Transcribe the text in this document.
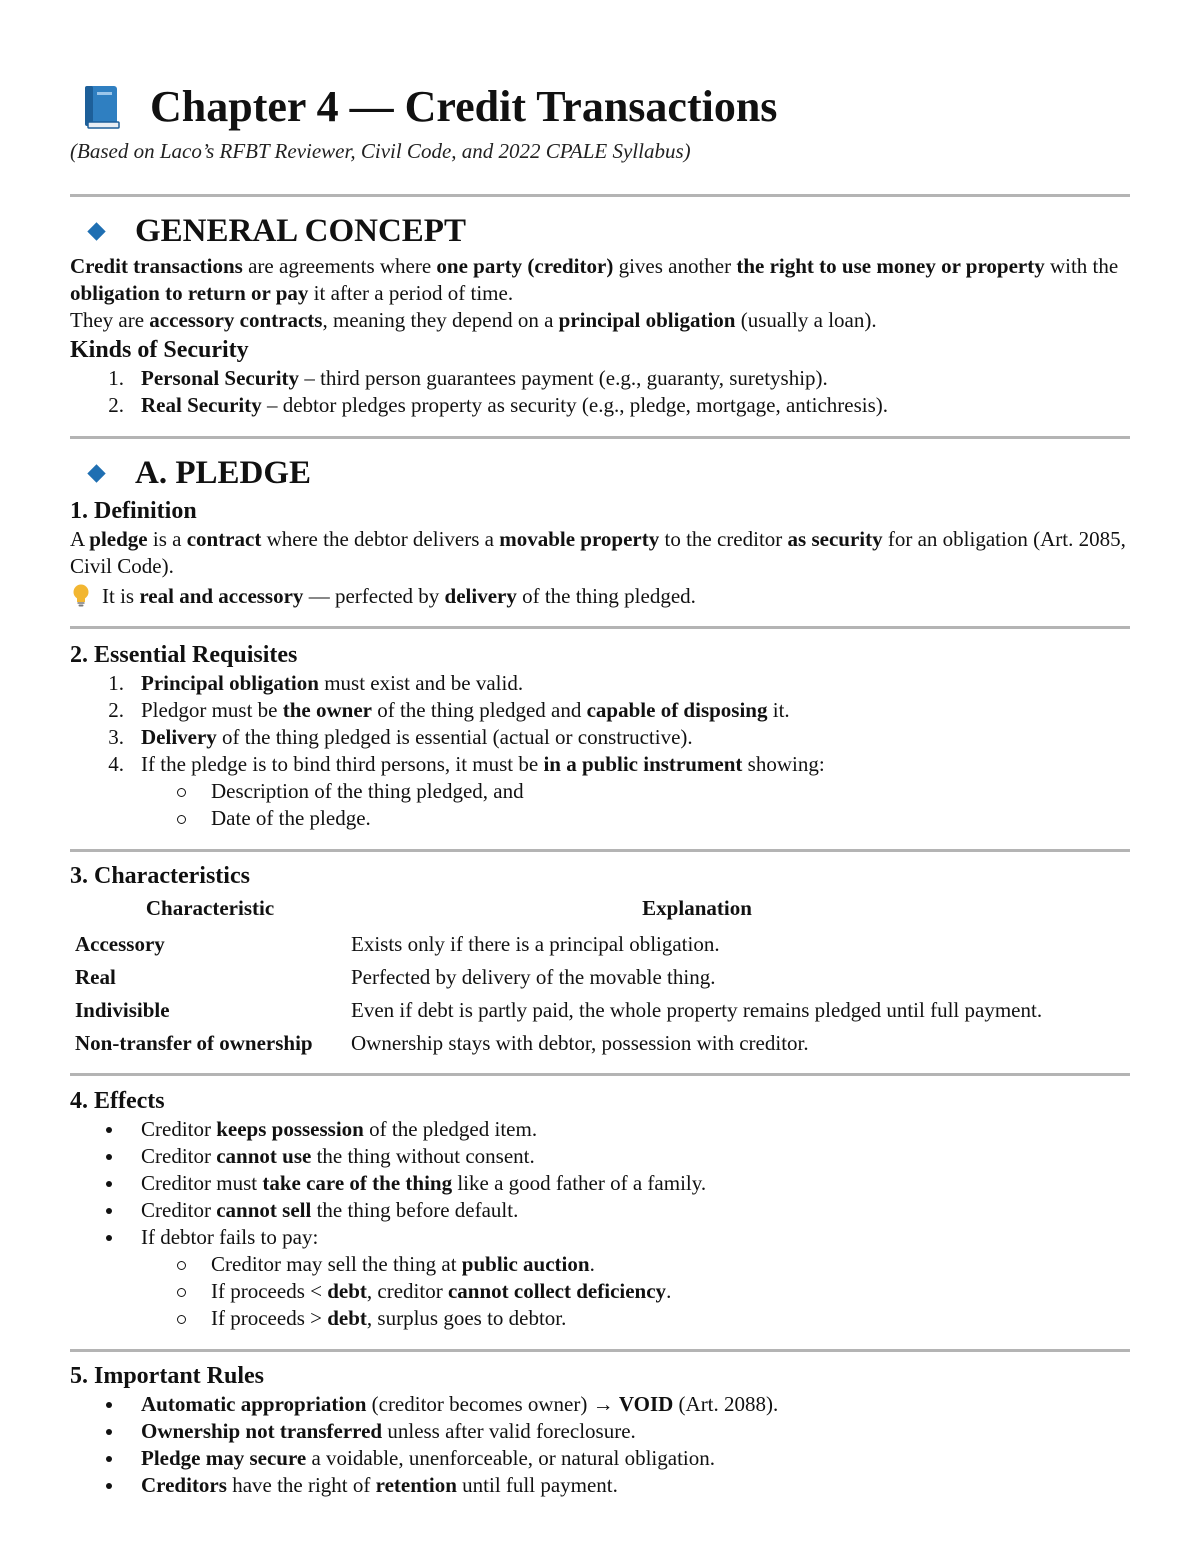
Chapter 4 — Credit Transactions

(Based on Laco’s RFBT Reviewer, Civil Code, and 2022 CPALE Syllabus)

GENERAL CONCEPT

Credit transactions are agreements where one party (creditor) gives another the right to use money or property with the obligation to return or pay it after a period of time.

They are accessory contracts, meaning they depend on a principal obligation (usually a loan).

Kinds of Security
1. Personal Security – third person guarantees payment (e.g., guaranty, suretyship).
2. Real Security – debtor pledges property as security (e.g., pledge, mortgage, antichresis).
A. PLEDGE
1. Definition

A pledge is a contract where the debtor delivers a movable property to the creditor as security for an obligation (Art. 2085, Civil Code).

It is real and accessory — perfected by delivery of the thing pledged.

2. Essential Requisites
1. Principal obligation must exist and be valid.
2. Pledgor must be the owner of the thing pledged and capable of disposing it.
3. Delivery of the thing pledged is essential (actual or constructive).
4. If the pledge is to bind third persons, it must be in a public instrument showing:
Description of the thing pledged, and
Date of the pledge.
3. Characteristics
Characteristic	Explanation
Accessory	Exists only if there is a principal obligation.
Real	Perfected by delivery of the movable thing.
Indivisible	Even if debt is partly paid, the whole property remains pledged until full payment.
Non-transfer of ownership	Ownership stays with debtor, possession with creditor.
4. Effects
Creditor keeps possession of the pledged item.
Creditor cannot use the thing without consent.
Creditor must take care of the thing like a good father of a family.
Creditor cannot sell the thing before default.
If debtor fails to pay:
Creditor may sell the thing at public auction.
If proceeds < debt, creditor cannot collect deficiency.
If proceeds > debt, surplus goes to debtor.
5. Important Rules
Automatic appropriation (creditor becomes owner) → VOID (Art. 2088).
Ownership not transferred unless after valid foreclosure.
Pledge may secure a voidable, unenforceable, or natural obligation.
Creditors have the right of retention until full payment.
